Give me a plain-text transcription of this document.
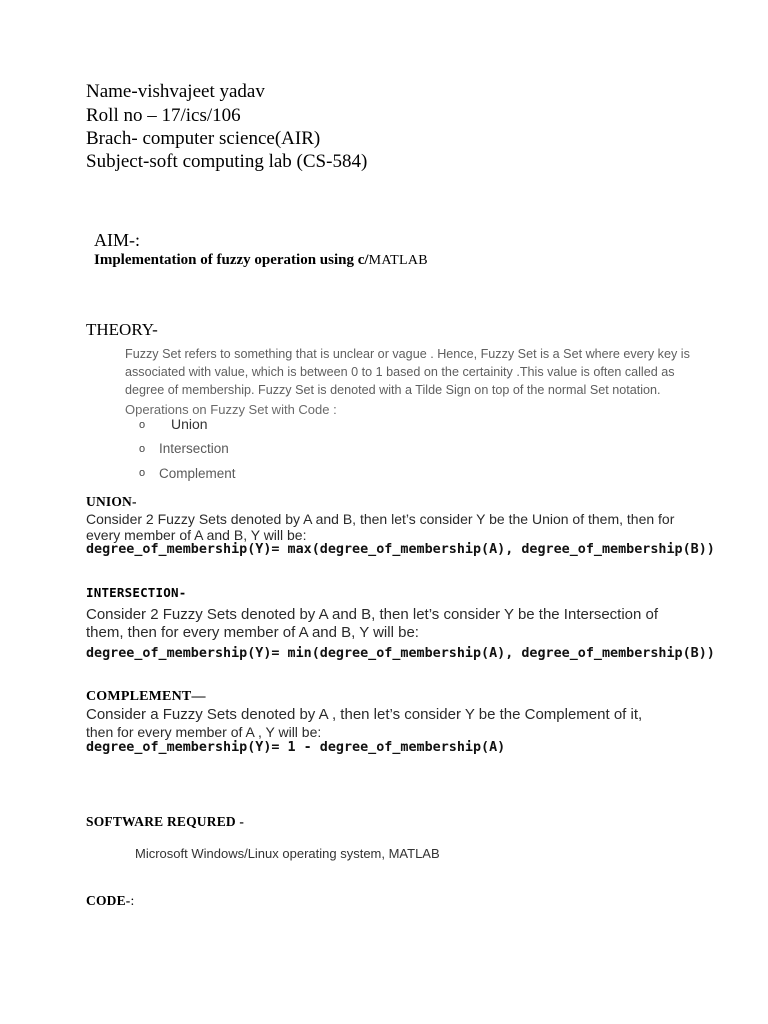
Name-vishvajeet yadav
Roll no – 17/ics/106
Brach- computer science(AIR)
Subject-soft computing lab (CS-584)
AIM-:
Implementation of fuzzy operation using c/MATLAB
THEORY-
Fuzzy Set refers to something that is unclear or vague . Hence, Fuzzy Set is a Set where every key is associated with value, which is between 0 to 1 based on the certainity .This value is often called as degree of membership. Fuzzy Set is denoted with a Tilde Sign on top of the normal Set notation.
Operations on Fuzzy Set with Code :
o Union
o Intersection
o Complement
UNION-
Consider 2 Fuzzy Sets denoted by A and B, then let’s consider Y be the Union of them, then for
every member of A and B, Y will be:
degree_of_membership(Y)= max(degree_of_membership(A), degree_of_membership(B))
INTERSECTION-
Consider 2 Fuzzy Sets denoted by A and B, then let’s consider Y be the Intersection of
them, then for every member of A and B, Y will be:
degree_of_membership(Y)= min(degree_of_membership(A), degree_of_membership(B))
COMPLEMENT—
Consider a Fuzzy Sets denoted by A , then let’s consider Y be the Complement of it,
then for every member of A , Y will be:
degree_of_membership(Y)= 1 - degree_of_membership(A)
SOFTWARE REQURED -
Microsoft Windows/Linux operating system, MATLAB
CODE-:
